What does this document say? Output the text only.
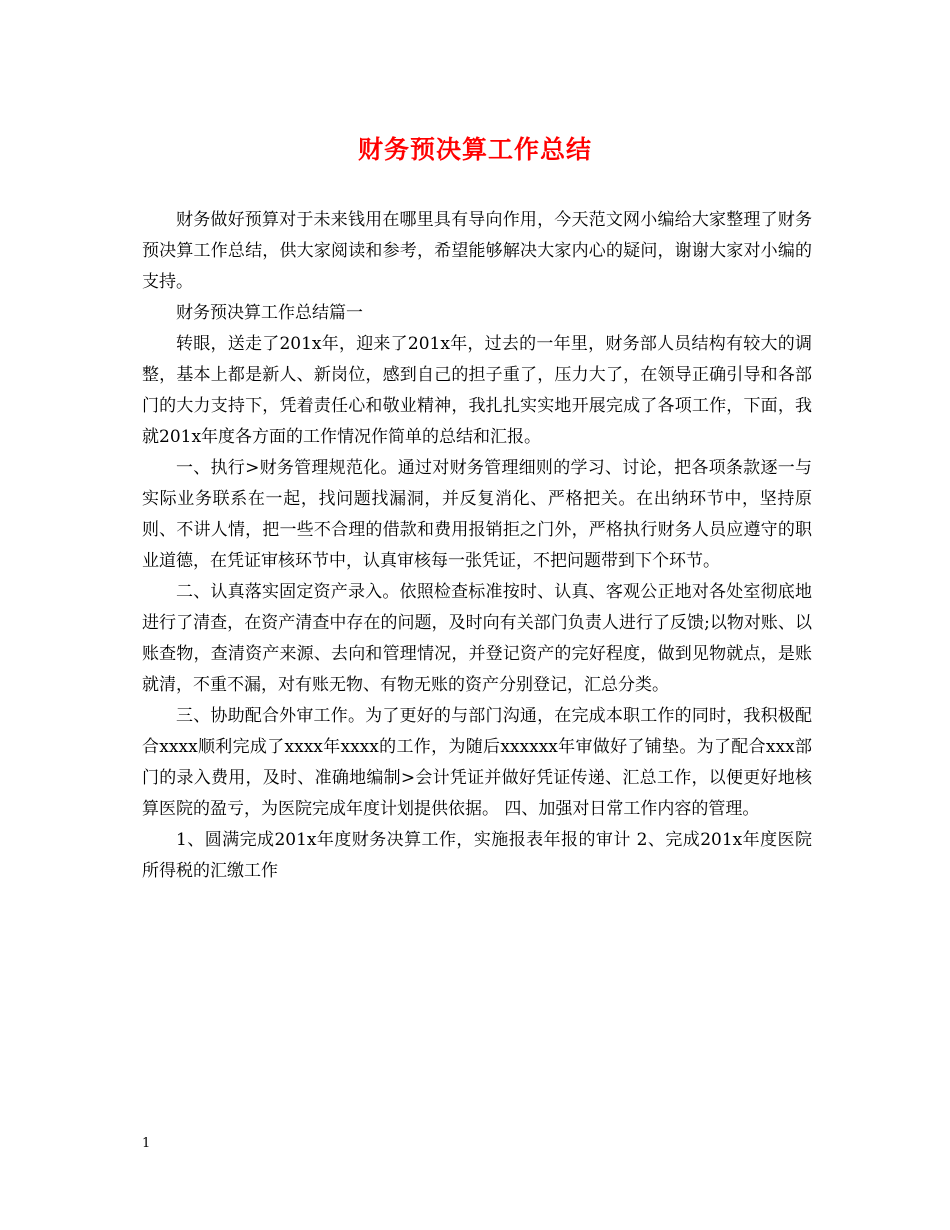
财务预决算工作总结

财务做好预算对于未来钱用在哪里具有导向作用，今天范文网小编给大家整理了财务预决算工作总结，供大家阅读和参考，希望能够解决大家内心的疑问，谢谢大家对小编的支持。

财务预决算工作总结篇一

转眼，送走了201x年，迎来了201x年，过去的一年里，财务部人员结构有较大的调整，基本上都是新人、新岗位，感到自己的担子重了，压力大了，在领导正确引导和各部门的大力支持下，凭着责任心和敬业精神，我扎扎实实地开展完成了各项工作，下面，我就201x年度各方面的工作情况作简单的总结和汇报。

一、执行>财务管理规范化。通过对财务管理细则的学习、讨论，把各项条款逐一与实际业务联系在一起，找问题找漏洞，并反复消化、严格把关。在出纳环节中，坚持原则、不讲人情，把一些不合理的借款和费用报销拒之门外，严格执行财务人员应遵守的职业道德，在凭证审核环节中，认真审核每一张凭证，不把问题带到下个环节。

二、认真落实固定资产录入。依照检查标准按时、认真、客观公正地对各处室彻底地进行了清查，在资产清查中存在的问题，及时向有关部门负责人进行了反馈;以物对账、以账查物，查清资产来源、去向和管理情况，并登记资产的完好程度，做到见物就点，是账就清，不重不漏，对有账无物、有物无账的资产分别登记，汇总分类。

三、协助配合外审工作。为了更好的与部门沟通，在完成本职工作的同时，我积极配合xxxx顺利完成了xxxx年xxxx的工作，为随后xxxxxx年审做好了铺垫。为了配合xxx部门的录入费用，及时、准确地编制>会计凭证并做好凭证传递、汇总工作，以便更好地核算医院的盈亏，为医院完成年度计划提供依据。 四、加强对日常工作内容的管理。

1、圆满完成201x年度财务决算工作，实施报表年报的审计 2、完成201x年度医院所得税的汇缴工作

1
